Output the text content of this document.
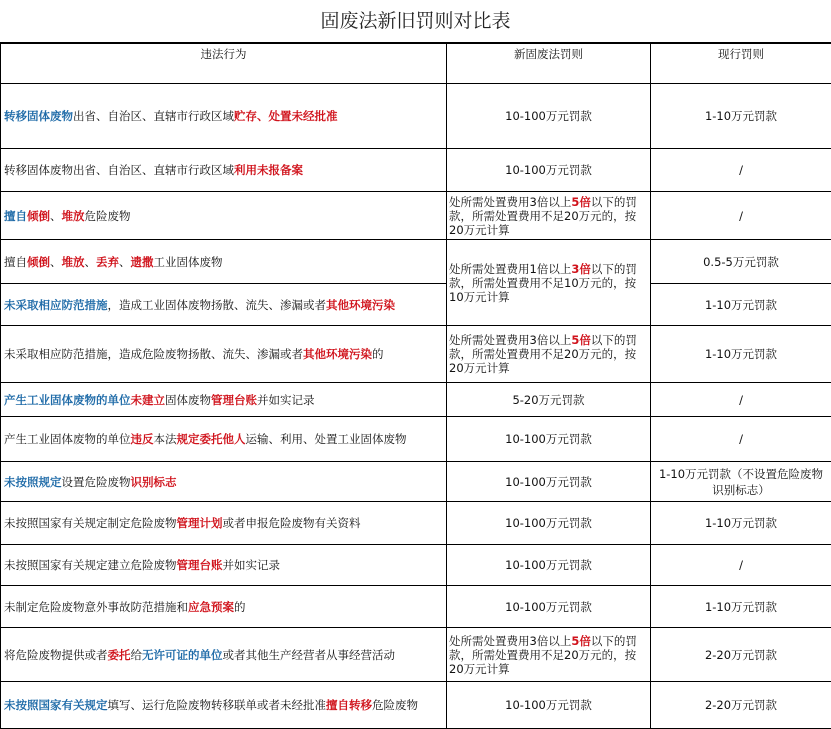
固废法新旧罚则对比表
违法行为	新固废法罚则	现行罚则
转移固体废物出省、自治区、直辖市行政区域贮存、处置未经批准	10-100万元罚款	1-10万元罚款
转移固体废物出省、自治区、直辖市行政区域利用未报备案	10-100万元罚款	/
擅自倾倒、堆放危险废物	处所需处置费用3倍以上5倍以下的罚款，所需处置费用不足20万元的，按20万元计算	/
擅自倾倒、堆放、丢弃、遗撒工业固体废物	处所需处置费用1倍以上3倍以下的罚款，所需处置费用不足10万元的，按10万元计算	0.5-5万元罚款
未采取相应防范措施，造成工业固体废物扬散、流失、渗漏或者其他环境污染		1-10万元罚款
未采取相应防范措施，造成危险废物扬散、流失、渗漏或者其他环境污染的	处所需处置费用3倍以上5倍以下的罚款，所需处置费用不足20万元的，按20万元计算	1-10万元罚款
产生工业固体废物的单位未建立固体废物管理台账并如实记录	5-20万元罚款	/
产生工业固体废物的单位违反本法规定委托他人运输、利用、处置工业固体废物	10-100万元罚款	/
未按照规定设置危险废物识别标志	10-100万元罚款	1-10万元罚款（不设置危险废物识别标志）
未按照国家有关规定制定危险废物管理计划或者申报危险废物有关资料	10-100万元罚款	1-10万元罚款
未按照国家有关规定建立危险废物管理台账并如实记录	10-100万元罚款	/
未制定危险废物意外事故防范措施和应急预案的	10-100万元罚款	1-10万元罚款
将危险废物提供或者委托给无许可证的单位或者其他生产经营者从事经营活动	处所需处置费用3倍以上5倍以下的罚款，所需处置费用不足20万元的，按20万元计算	2-20万元罚款
未按照国家有关规定填写、运行危险废物转移联单或者未经批准擅自转移危险废物	10-100万元罚款	2-20万元罚款
